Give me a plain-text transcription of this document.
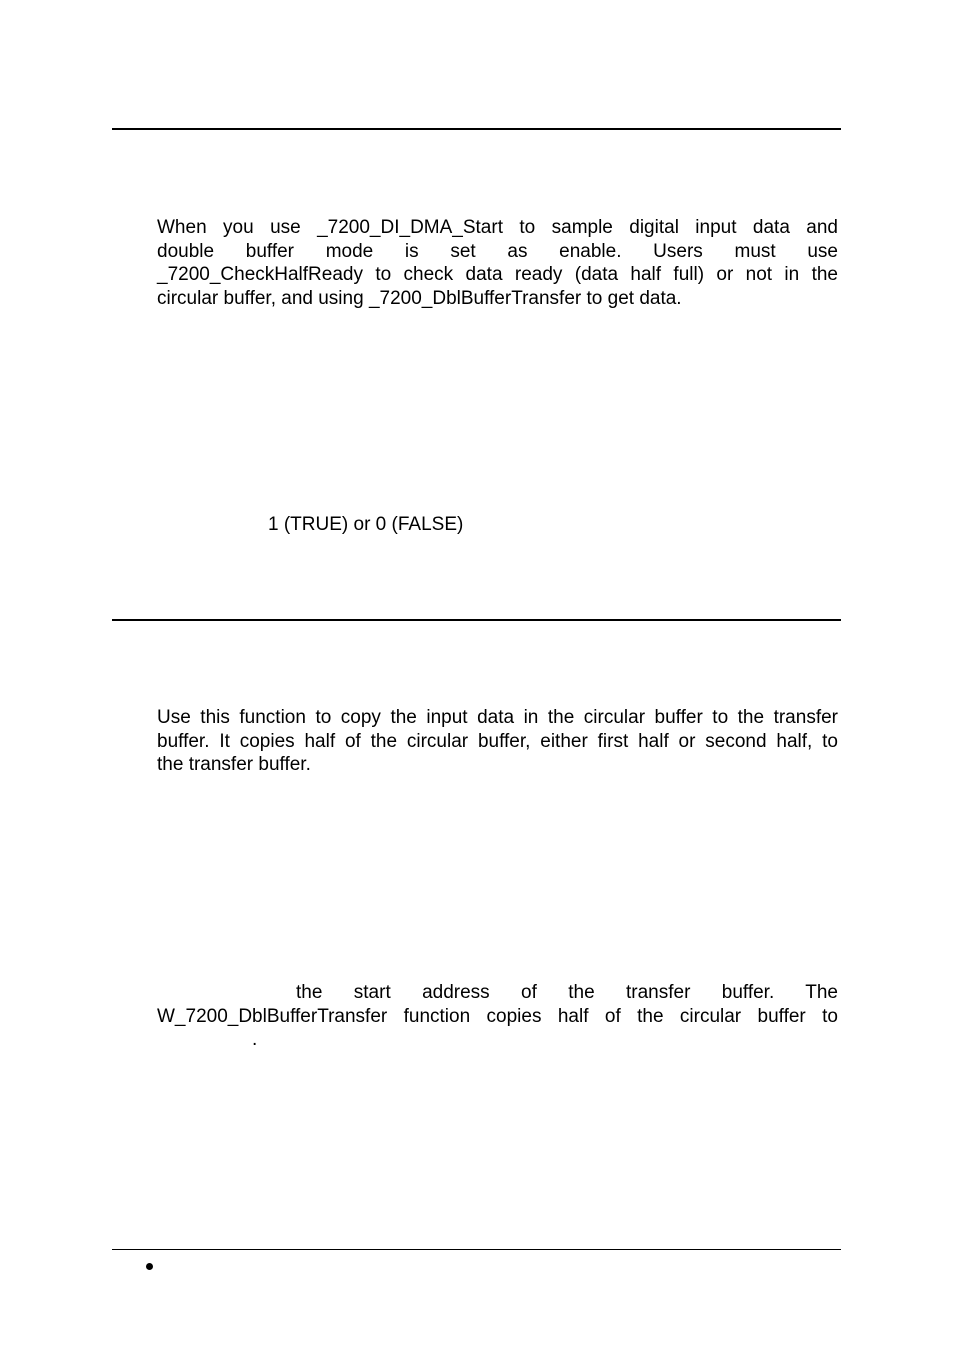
When you use _7200_DI_DMA_Start to sample digital input data and
double buffer mode is set as enable. Users must use
_7200_CheckHalfReady to check data ready (data half full) or not in the
circular buffer, and using _7200_DblBufferTransfer to get data.

1 (TRUE) or 0 (FALSE)

Use this function to copy the input data in the circular buffer to the transfer
buffer. It copies half of the circular buffer, either first half or second half, to
the transfer buffer.

the start address of the transfer buffer. The
W_7200_DblBufferTransfer function copies half of the circular buffer to
.
